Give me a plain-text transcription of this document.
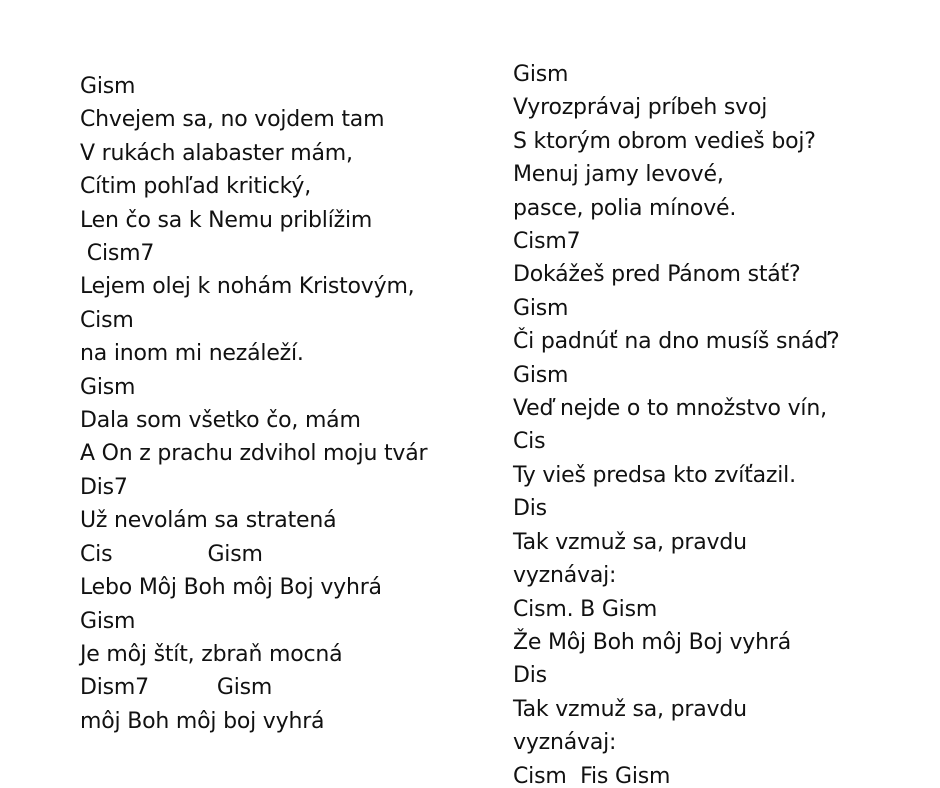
Gism

Chvejem sa, no vojdem tam

V rukách alabaster mám,

Cítim pohľad kritický,

Len čo sa k Nemu priblížim

Cism7

Lejem olej k nohám Kristovým,

Cism

na inom mi nezáleží.

Gism

Dala som všetko čo, mám

A On z prachu zdvihol moju tvár

Dis7

Už nevolám sa stratená

Cis              Gism

Lebo Môj Boh môj Boj vyhrá

Gism

Je môj štít, zbraň mocná

Dism7          Gism

môj Boh môj boj vyhrá

Gism

Vyrozprávaj príbeh svoj

S ktorým obrom vedieš boj?

Menuj jamy levové,

pasce, polia mínové.

Cism7

Dokážeš pred Pánom stáť?

Gism

Či padnúť na dno musíš snáď?

Gism

Veď nejde o to množstvo vín,

Cis

Ty vieš predsa kto zvíťazil.

Dis

Tak vzmuž sa, pravdu

vyznávaj:

Cism. B Gism

Že Môj Boh môj Boj vyhrá

Dis

Tak vzmuž sa, pravdu

vyznávaj:

Cism  Fis Gism
